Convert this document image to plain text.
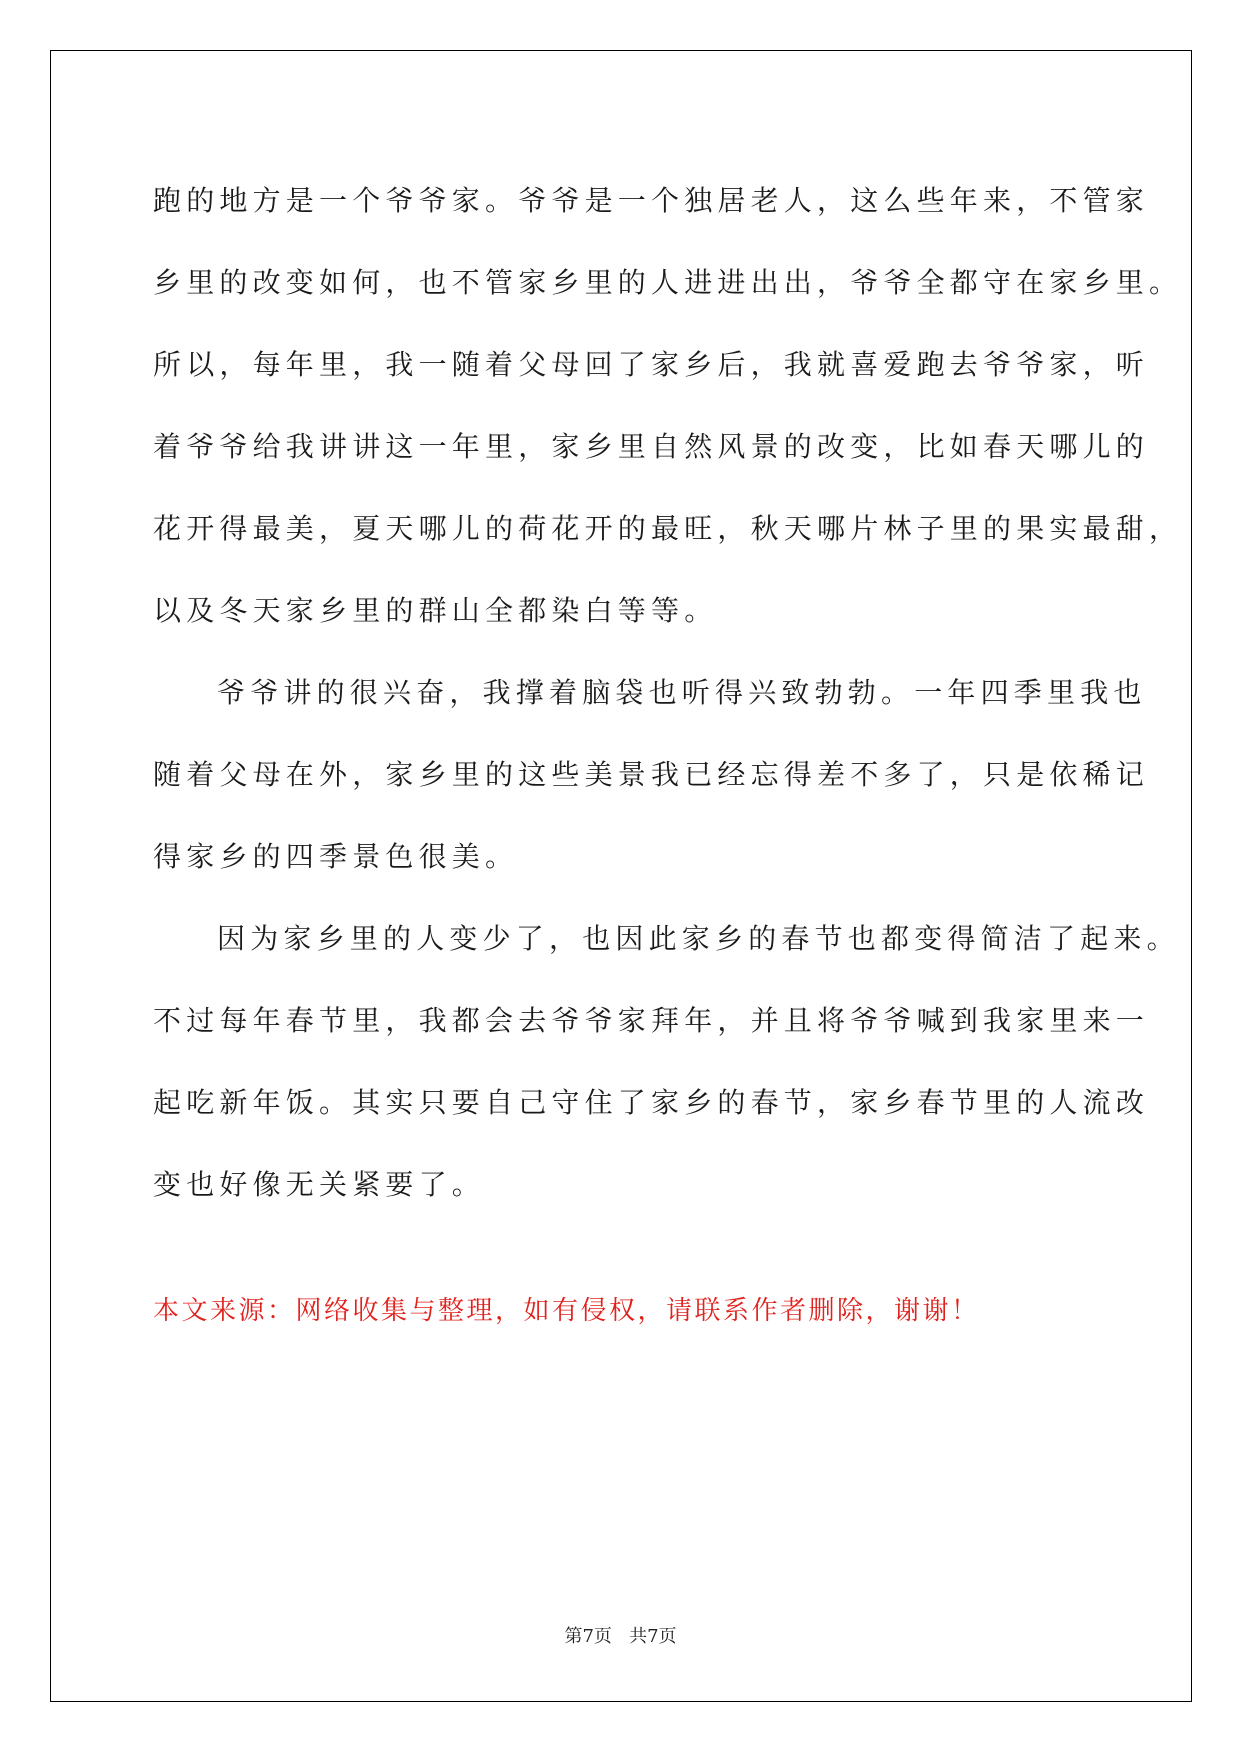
跑的地方是一个爷爷家。爷爷是一个独居老人，这么些年来，不管家
乡里的改变如何，也不管家乡里的人进进出出，爷爷全都守在家乡里。
所以，每年里，我一随着父母回了家乡后，我就喜爱跑去爷爷家，听
着爷爷给我讲讲这一年里，家乡里自然风景的改变，比如春天哪儿的
花开得最美，夏天哪儿的荷花开的最旺，秋天哪片林子里的果实最甜，
以及冬天家乡里的群山全都染白等等。
爷爷讲的很兴奋，我撑着脑袋也听得兴致勃勃。一年四季里我也
随着父母在外，家乡里的这些美景我已经忘得差不多了，只是依稀记
得家乡的四季景色很美。
因为家乡里的人变少了，也因此家乡的春节也都变得简洁了起来。
不过每年春节里，我都会去爷爷家拜年，并且将爷爷喊到我家里来一
起吃新年饭。其实只要自己守住了家乡的春节，家乡春节里的人流改
变也好像无关紧要了。

本文来源：网络收集与整理，如有侵权，请联系作者删除，谢谢！

第7页 共7页
